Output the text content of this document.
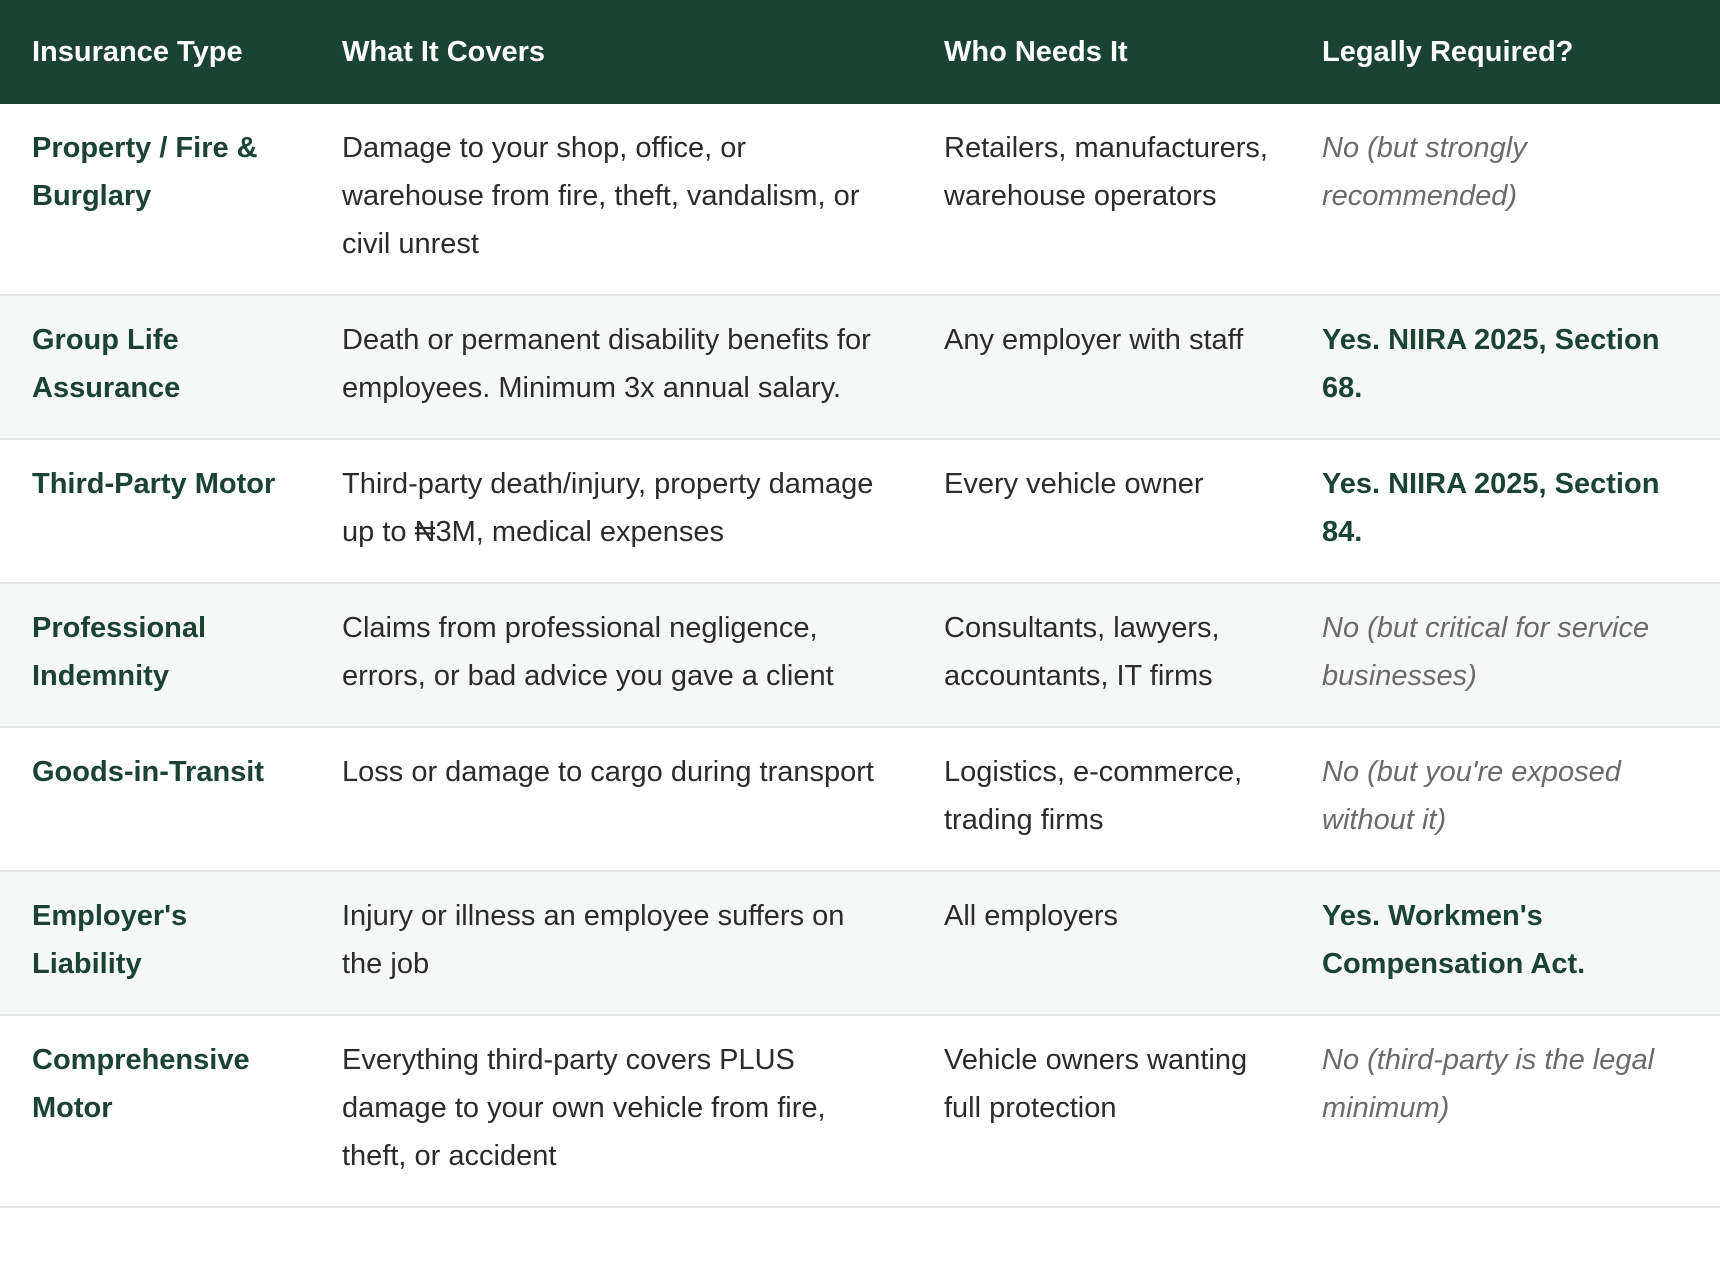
Insurance Type	What It Covers	Who Needs It	Legally Required?
Property / Fire & Burglary	Damage to your shop, office, or warehouse from fire, theft, vandalism, or civil unrest	Retailers, manufacturers, warehouse operators	No (but strongly recommended)
Group Life Assurance	Death or permanent disability benefits for employees. Minimum 3x annual salary.	Any employer with staff	Yes. NIIRA 2025, Section 68.
Third-Party Motor	Third-party death/injury, property damage up to ₦3M, medical expenses	Every vehicle owner	Yes. NIIRA 2025, Section 84.
Professional Indemnity	Claims from professional negligence, errors, or bad advice you gave a client	Consultants, lawyers, accountants, IT firms	No (but critical for service businesses)
Goods-in-Transit	Loss or damage to cargo during transport	Logistics, e-commerce, trading firms	No (but you're exposed without it)
Employer's Liability	Injury or illness an employee suffers on the job	All employers	Yes. Workmen's Compensation Act.
Comprehensive Motor	Everything third-party covers PLUS damage to your own vehicle from fire, theft, or accident	Vehicle owners wanting full protection	No (third-party is the legal minimum)
